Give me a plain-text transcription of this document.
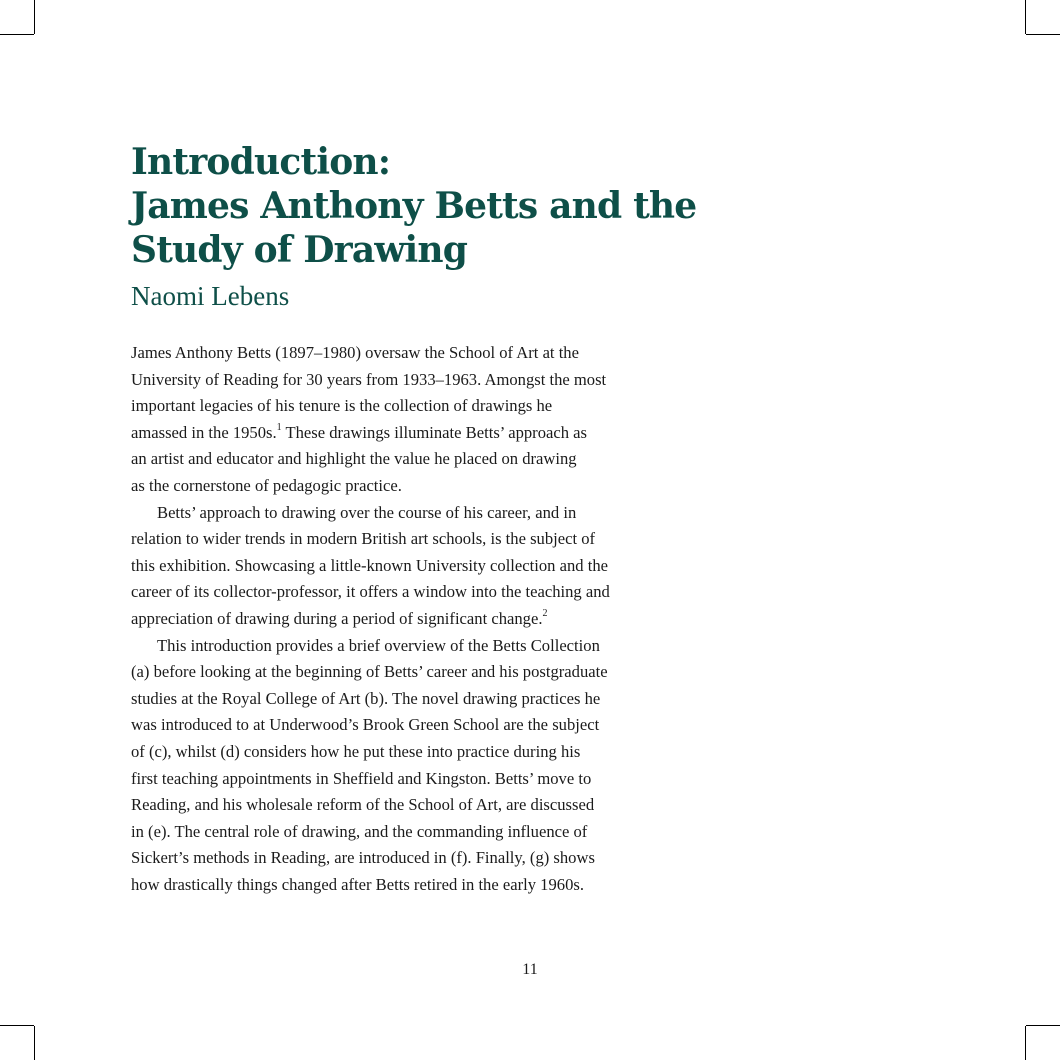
Introduction:
James Anthony Betts and the
Study of Drawing
Naomi Lebens

James Anthony Betts (1897–1980) oversaw the School of Art at the
University of Reading for 30 years from 1933–1963. Amongst the most
important legacies of his tenure is the collection of drawings he
amassed in the 1950s.$^1$ These drawings illuminate Betts’ approach as
an artist and educator and highlight the value he placed on drawing
as the cornerstone of pedagogic practice.

Betts’ approach to drawing over the course of his career, and in
relation to wider trends in modern British art schools, is the subject of
this exhibition. Showcasing a little-known University collection and the
career of its collector-professor, it offers a window into the teaching and
appreciation of drawing during a period of significant change.$^2$

This introduction provides a brief overview of the Betts Collection
(a) before looking at the beginning of Betts’ career and his postgraduate
studies at the Royal College of Art (b). The novel drawing practices he
was introduced to at Underwood’s Brook Green School are the subject
of (c), whilst (d) considers how he put these into practice during his
first teaching appointments in Sheffield and Kingston. Betts’ move to
Reading, and his wholesale reform of the School of Art, are discussed
in (e). The central role of drawing, and the commanding influence of
Sickert’s methods in Reading, are introduced in (f). Finally, (g) shows
how drastically things changed after Betts retired in the early 1960s.

11
